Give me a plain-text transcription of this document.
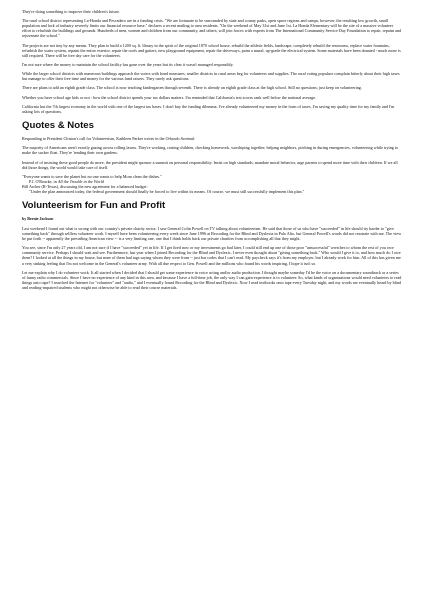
They're doing something to improve their children's future.

The rural school district representing La-Honda and Pescadero are in a funding crisis. "We are fortunate to be surrounded by state and county parks, open space regions and camps, however, the resulting low growth, small population and lack of industry severely limits our financial resource base," declares a recent mailing to area residents. "On the weekend of May 31st and June 1st, La Honda Elementary will be the site of a massive volunteer effort to refurbish the buildings and grounds. Hundreds of men, women and children from our community, and others, will join forces with experts from The International Community Service Day Foundation to repair, repaint and rejuvenate the school."

The projects are not tiny by any means. They plan to build a 1200 sq. ft. library in the spirit of the original 1870 school house, rebuild the athletic fields, landscape, completely rebuild the restrooms, replace water fountains, refurbish the water system, repaint the entire exterior, repair the roofs and gutters, new playground equipment, repair the driveways, paint a mural, up-grade the electrical system. Some materials have been donated - much more is still required. There will be free day care for the volunteers.

I'm not sure where the money to maintain the school facility has gone over the years but its clear it wasn't managed responsibly.

While the larger school districts with numerous buildings approach the voters with bond measures, smaller districts in rural areas beg for volunteers and supplies. The rural voting populace complain bitterly about their high taxes but manage to offer their free time and money for the various fund raisers. They rarely ask questions.

There are plans to add an eighth grade class. The school is now teaching kindergarten through seventh. There is already an eighth grade class at the high school. Still no questions; just keep on volunteering.

Whether you have school age kids or not - how the school district spends your tax dollars matters. I'm reminded that California's test scores rank well below the national average.

California has the 7th largest economy in the world with one of the largest tax bases. I don't buy the funding dilemma. I've already volunteered my money in the form of taxes. I'm saving my quality time for my family and I'm asking lots of questions.

Quotes & Notes

Responding to President Clinton's call for Volunteerism, Kathleen Parker writes in the Orlando Sentinal:

The majority of Americans aren't exactly gazing across rolling lawns. They're working, raising children, checking homework, worshiping together; helping neighbors, pitching in during emergencies, volunteering while trying to make the sucker float. They're 'tending their own gardens.

Instead of of insisting these good people do more, the president might sponsor a summit on personal responsibility. Insist on high standards, mandate moral behavior, urge parents to spend more time with their children. If we all did those things, the world would take care of itself.

"Everyone wants to save the planet but no one wants to help Mom clean the dishes."

P.J. O'Rourke, in All the Trouble in the World

Bill Archer (R-Texas), discussing the new agreement for a balanced budget:

"Under the plan announced today, the federal government should finally be forced to live within its means. Of course, we must still successfully implement this plan."

Volunteerism for Fun and Profit

by Bernie Jackson

Last weekend I found out what is wrong with our country's private charity sector. I saw General Colin Powell on TV talking about volunteerism. He said that those of us who have "succeeded" in life should try harder to "give something back" through selfless volunteer work. I myself have been volunteering every week since June 1996 at Recording for the Blind and Dyslexia in Palo Alto, but General Powell's words did not resonate with me. The view he put forth -- apparently the prevailing American view -- is a very limiting one, one that I think holds back our private charities from accomplishing all that they might.

You see, since I'm only 27 years old, I am not sure if I have "succeeded" yet in life. If I get fired now or my investments go bad later, I could still end up one of those poor "unsuccessful" wretches to whom the rest of you owe community service. Perhaps I should wait and see. Furthermore, last year when I joined Recording for the Blind and Dyslexic, I never even thought about "giving something back." Who would I give it to, and how much do I owe them? I looked at all the things in my house, but none of them had tags saying whom they were from -- just bar codes that I can't read. My paycheck says it's from my employer, but I already work for him. All of this has given me a very sinking feeling that I'm not welcome in the General's volunteer army. With all due respect to Gen. Powell and the millions who found his words inspiring, I hope it isn't so.

Let me explain why I do volunteer work. It all started when I decided that I should get some experience in voice acting and/or audio production. I thought maybe someday I'd be the voice on a documentary soundtrack or a series of funny radio commercials. Since I have no experience of any kind in this area, and because I have a full-time job, the only way I can gain experience is to volunteer. So, what kinds of organizations would need volunteers to read things onto tape? I searched the Internet for "volunteer" and "audio," and I eventually found Recording for the Blind and Dyslexic. Now I read textbooks onto tape every Tuesday night, and my words are eventually heard by blind and reading-impaired students who might not otherwise be able to read their course materials.
